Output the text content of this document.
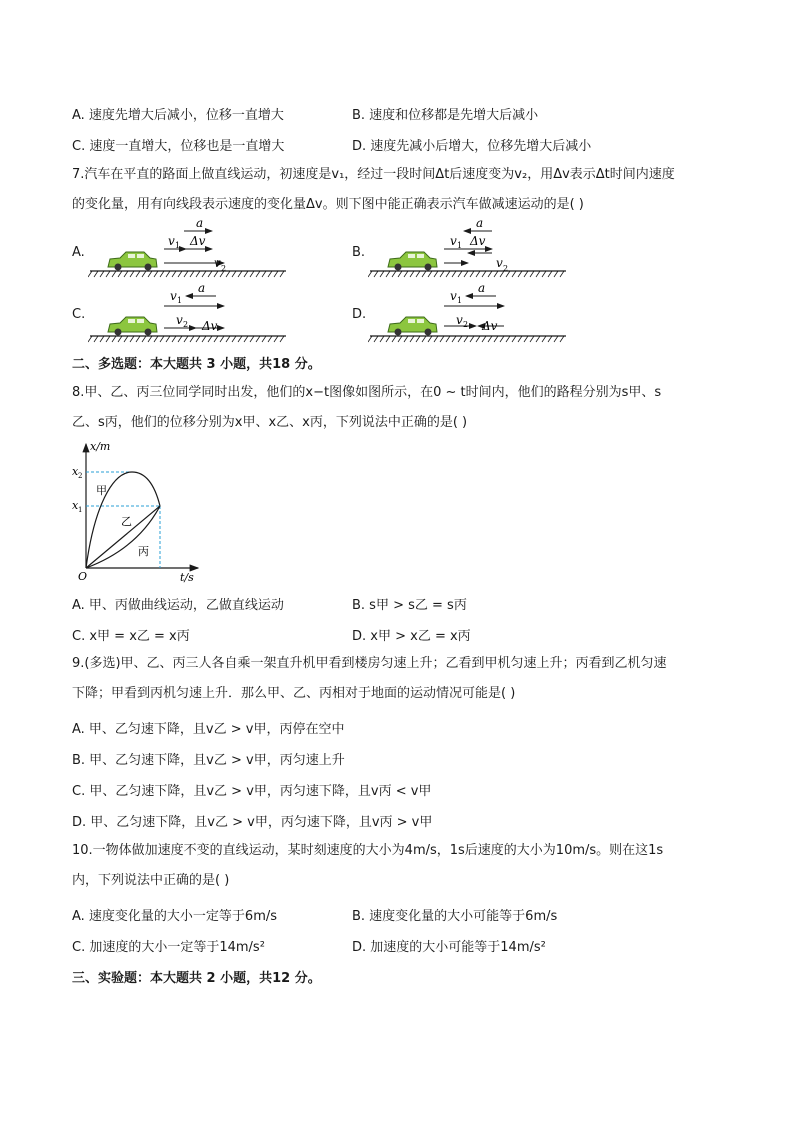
A. 速度先增大后减小，位移一直增大	B. 速度和位移都是先增大后减小
C. 速度一直增大，位移也是一直增大	D. 速度先减小后增大，位移先增大后减小
7.汽车在平直的路面上做直线运动，初速度是v₁，经过一段时间Δt后速度变为v₂，用Δv表示Δt时间内速度
的变化量，用有向线段表示速度的变化量Δv。则下图中能正确表示汽车做减速运动的是( )
A.	B.
C.	D.
a
v 1 Δv
v 2
a
v 1 Δv
v 2
v 1
a
v 2 Δv
v 1
a
v 2 Δv
二、多选题：本大题共 3 小题，共18 分。
8.甲、乙、丙三位同学同时出发，他们的x−t图像如图所示，在0 ~ t时间内，他们的路程分别为s甲、s
乙、s丙，他们的位移分别为x甲、x乙、x丙，下列说法中正确的是( )
x/m
t/s
O
x 2
x 1
甲
乙
丙
A. 甲、丙做曲线运动，乙做直线运动	B. s甲 > s乙 = s丙
C. x甲 = x乙 = x丙	D. x甲 > x乙 = x丙
9.(多选)甲、乙、丙三人各自乘一架直升机甲看到楼房匀速上升；乙看到甲机匀速上升；丙看到乙机匀速
下降；甲看到丙机匀速上升．那么甲、乙、丙相对于地面的运动情况可能是( )
A. 甲、乙匀速下降，且v乙 > v甲，丙停在空中
B. 甲、乙匀速下降，且v乙 > v甲，丙匀速上升
C. 甲、乙匀速下降，且v乙 > v甲，丙匀速下降，且v丙 < v甲
D. 甲、乙匀速下降，且v乙 > v甲，丙匀速下降，且v丙 > v甲
10.一物体做加速度不变的直线运动，某时刻速度的大小为4m/s，1s后速度的大小为10m/s。则在这1s
内，下列说法中正确的是( )
A. 速度变化量的大小一定等于6m/s	B. 速度变化量的大小可能等于6m/s
C. 加速度的大小一定等于14m/s²	D. 加速度的大小可能等于14m/s²
三、实验题：本大题共 2 小题，共12 分。
